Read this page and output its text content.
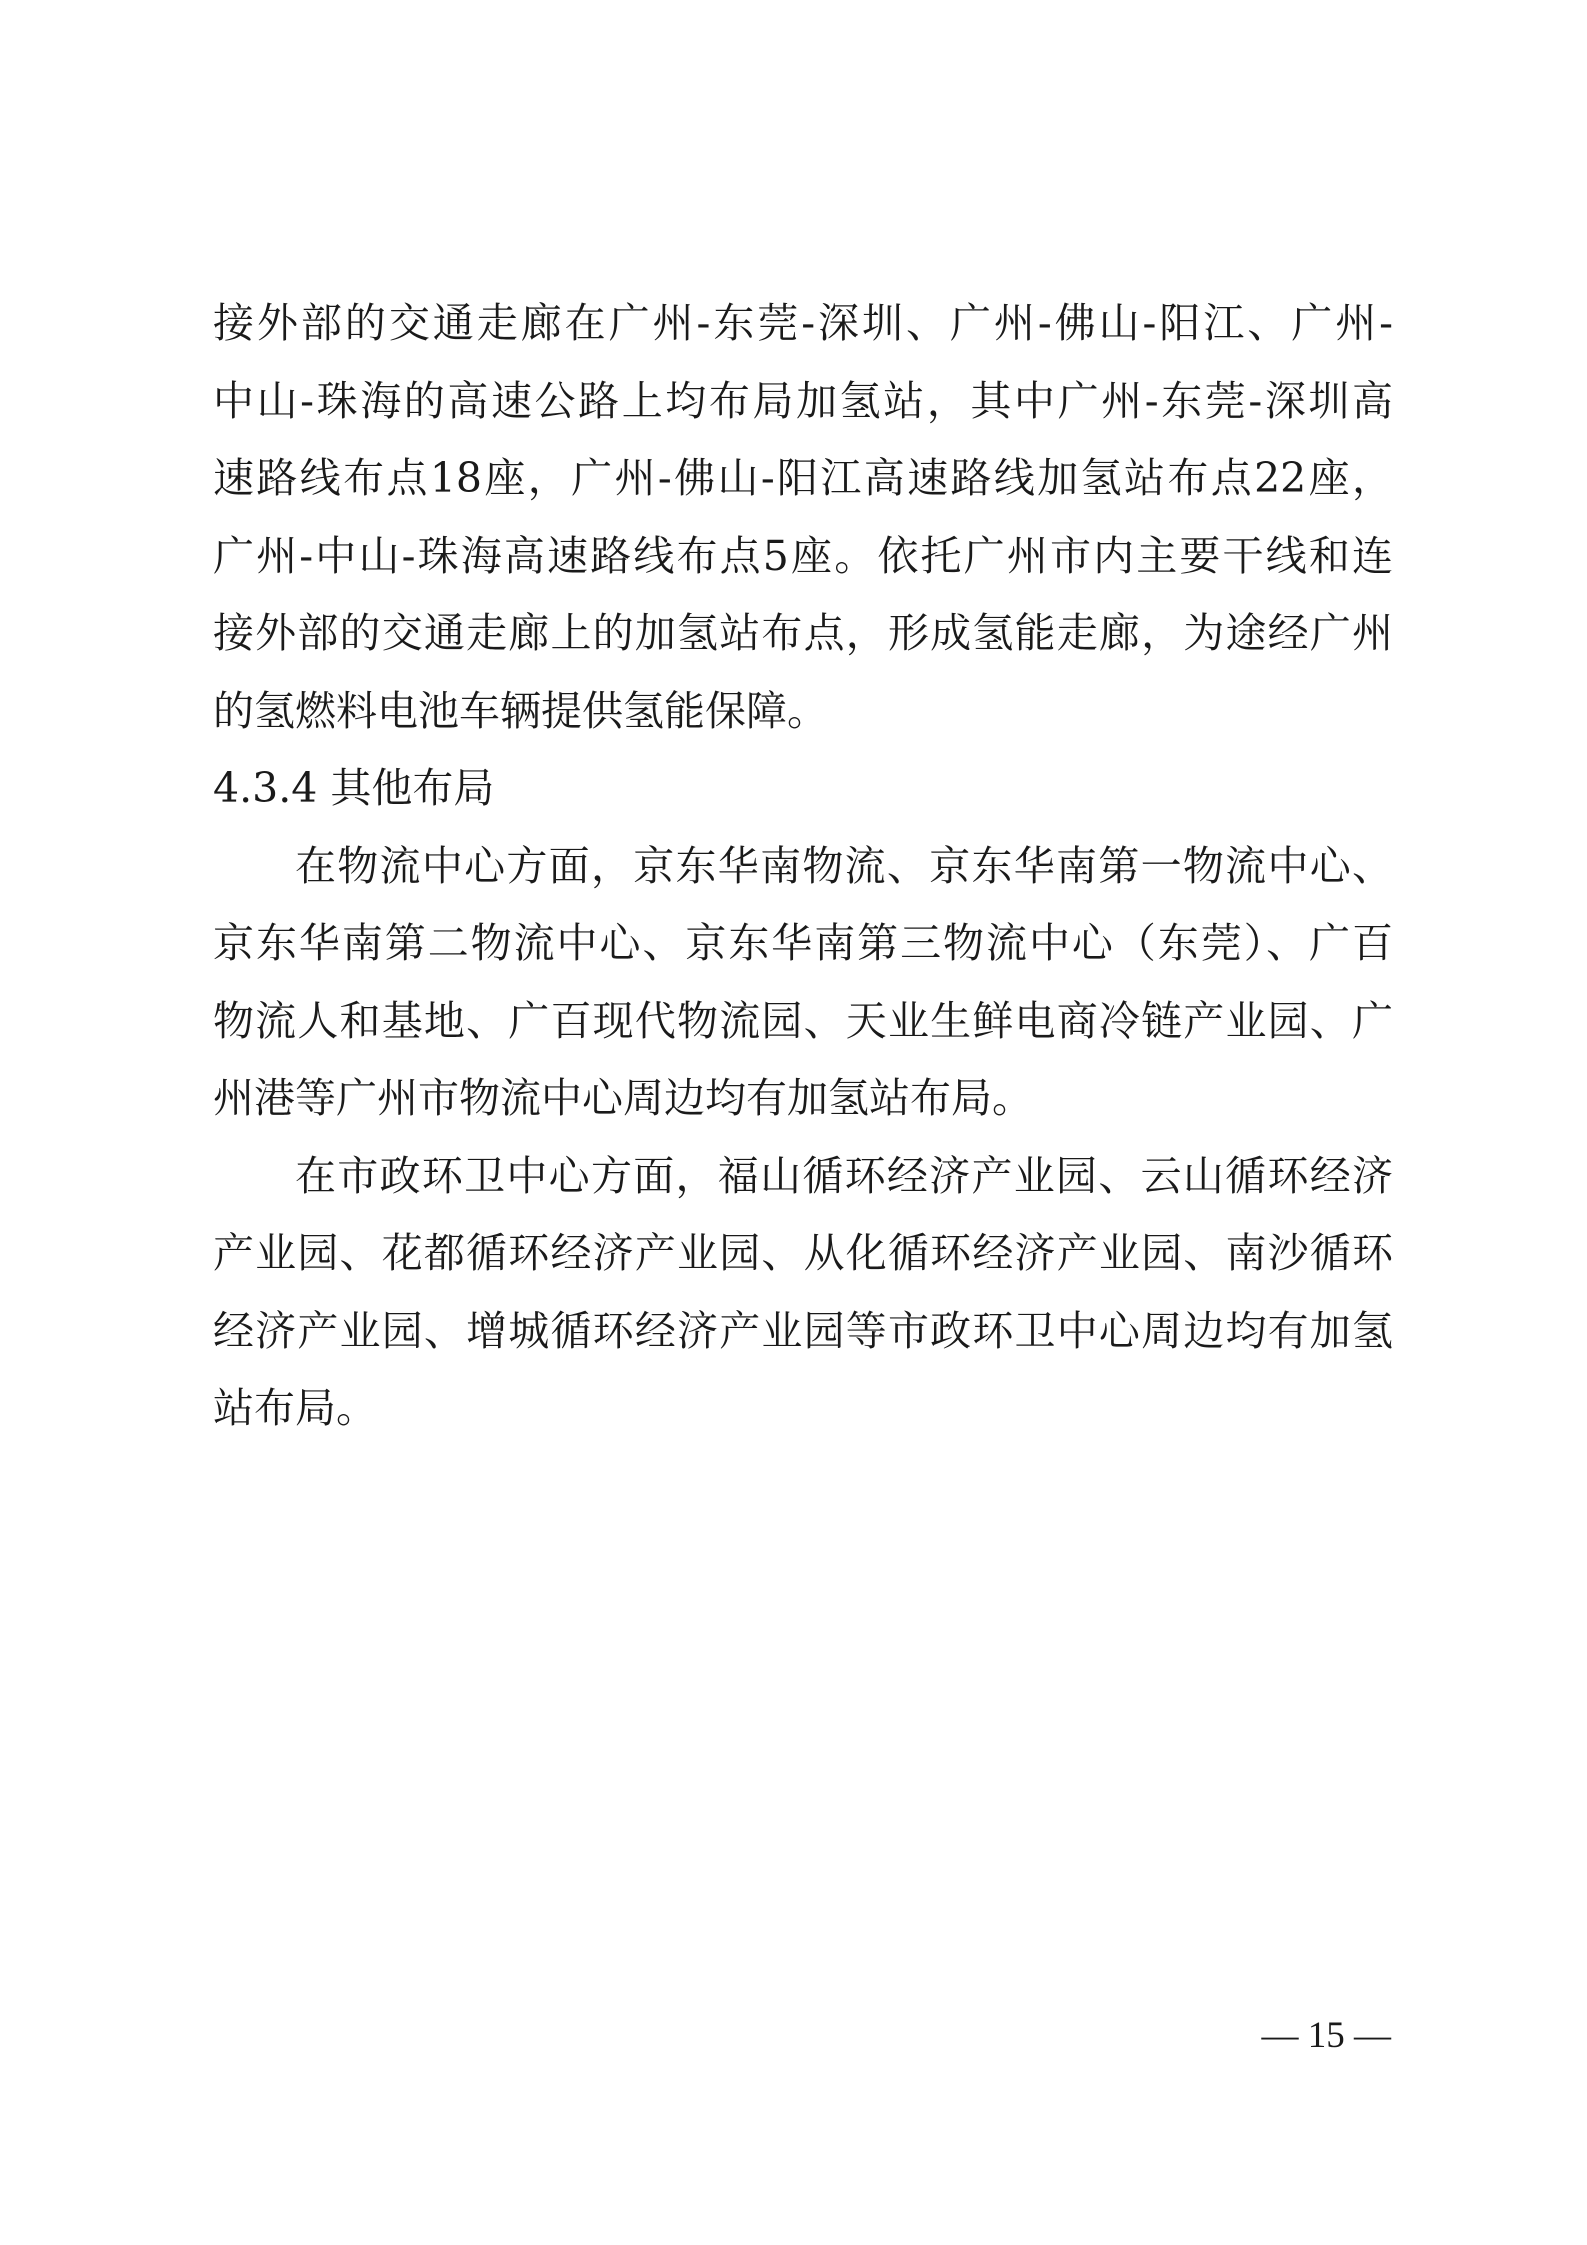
接外部的交通走廊在广州-东莞-深圳、广州-佛山-阳江、广州-
中山-珠海的高速公路上均布局加氢站，其中广州-东莞-深圳高
速路线布点18座，广州-佛山-阳江高速路线加氢站布点22座，
广州-中山-珠海高速路线布点5座。依托广州市内主要干线和连
接外部的交通走廊上的加氢站布点，形成氢能走廊，为途经广州
的氢燃料电池车辆提供氢能保障。
4.3.4 其他布局
在物流中心方面，京东华南物流、京东华南第一物流中心、
京东华南第二物流中心、京东华南第三物流中心（东莞）、广百
物流人和基地、广百现代物流园、天业生鲜电商冷链产业园、广
州港等广州市物流中心周边均有加氢站布局。
在市政环卫中心方面，福山循环经济产业园、云山循环经济
产业园、花都循环经济产业园、从化循环经济产业园、南沙循环
经济产业园、增城循环经济产业园等市政环卫中心周边均有加氢
站布局。
— 15 —
